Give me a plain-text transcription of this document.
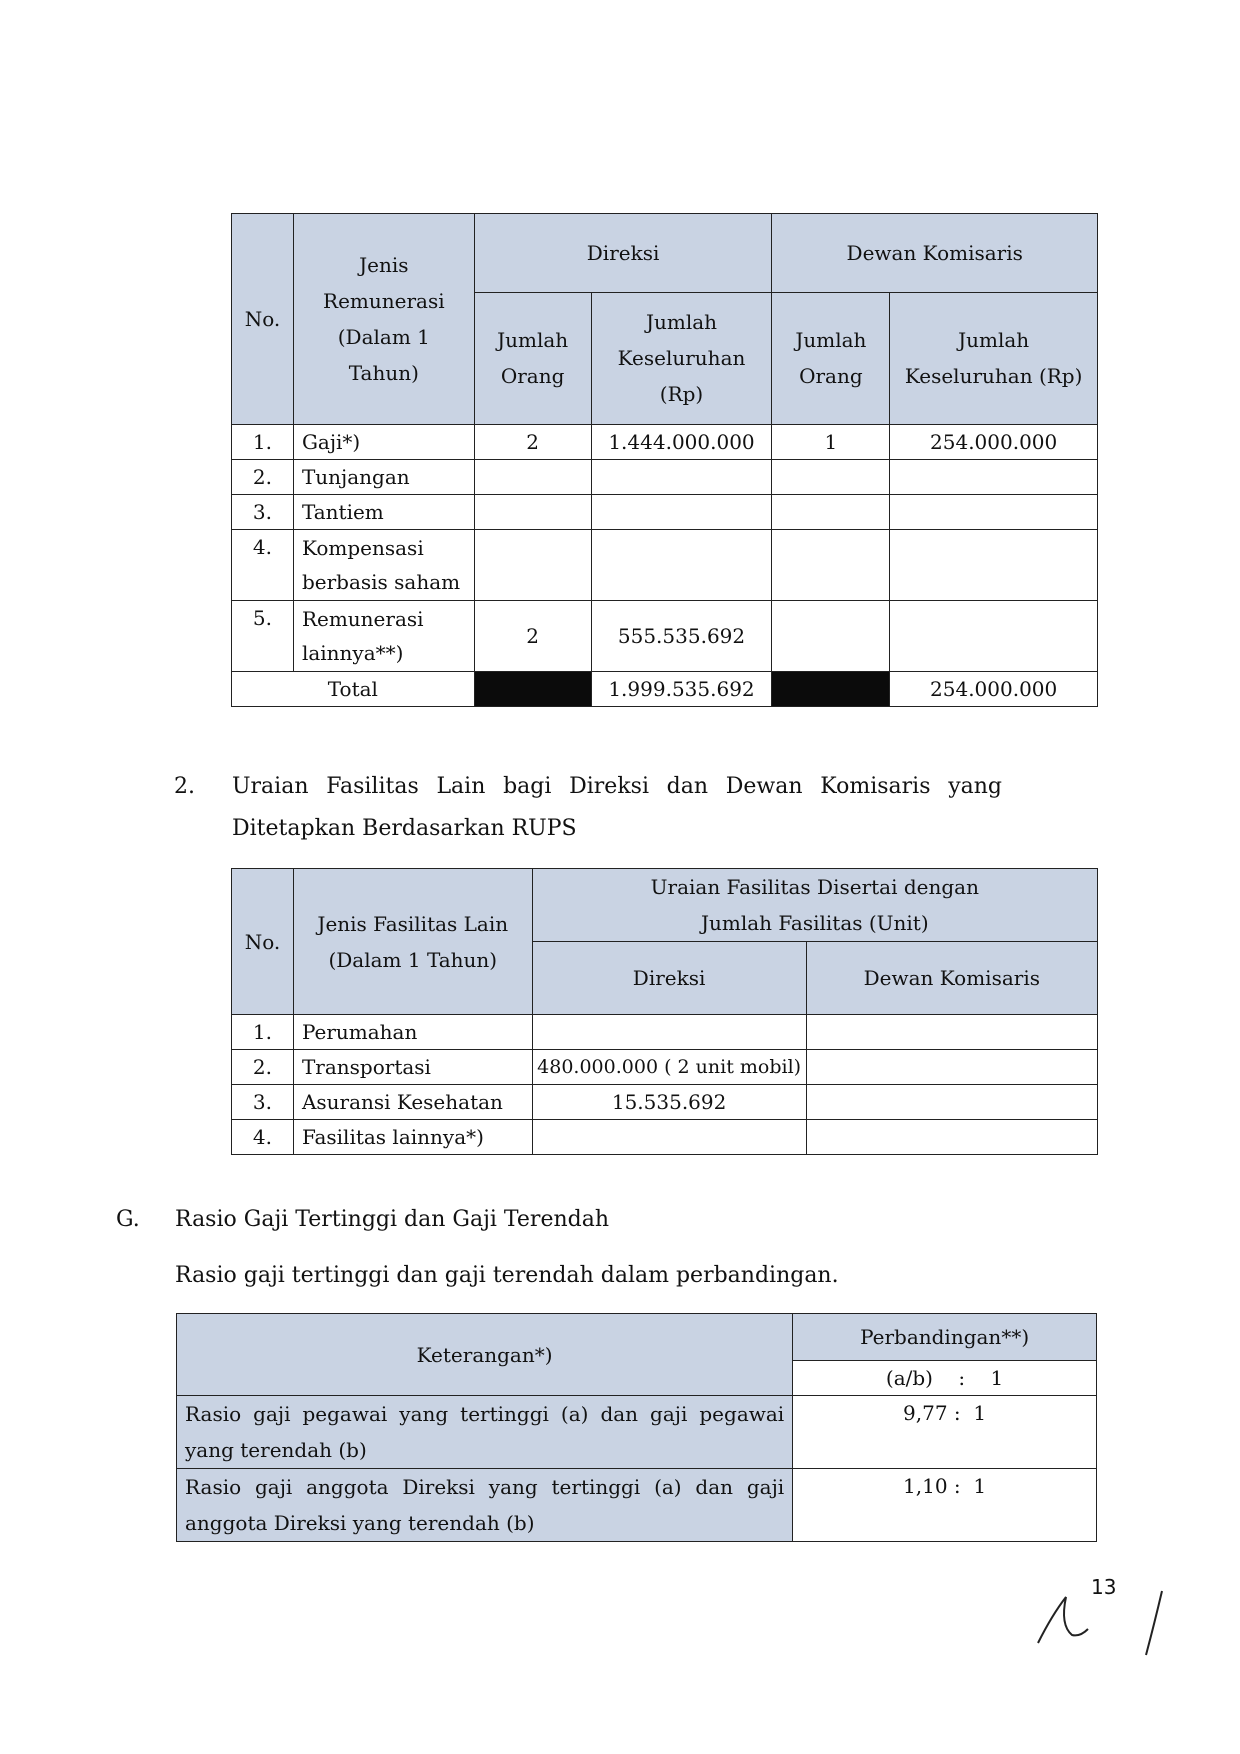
No.	Jenis Remunerasi (Dalam 1 Tahun)	Direksi		Dewan Komisaris	
		Jumlah Orang	Jumlah Keseluruhan (Rp)	Jumlah Orang	Jumlah Keseluruhan (Rp)
1.	Gaji*)	2	1.444.000.000	1	254.000.000
2.	Tunjangan				
3.	Tantiem				
4.	Kompensasi berbasis saham				
5.	Remunerasi lainnya**)	2	555.535.692		
Total			1.999.535.692		254.000.000
2. Uraian Fasilitas Lain bagi Direksi dan Dewan Komisaris yang Ditetapkan Berdasarkan RUPS
No.	Jenis Fasilitas Lain (Dalam 1 Tahun)	Uraian Fasilitas Disertai dengan Jumlah Fasilitas (Unit)	
		Direksi	Dewan Komisaris
1.	Perumahan		
2.	Transportasi	480.000.000 ( 2 unit mobil)	
3.	Asuransi Kesehatan	15.535.692	
4.	Fasilitas lainnya*)		
G. Rasio Gaji Tertinggi dan Gaji Terendah
Rasio gaji tertinggi dan gaji terendah dalam perbandingan.
Keterangan*)	Perbandingan**)
	(a/b)    :    1
Rasio gaji pegawai yang tertinggi (a) dan gaji pegawai yang terendah (b)	9,77 :  1
Rasio gaji anggota Direksi yang tertinggi (a) dan gaji anggota Direksi yang terendah (b)	1,10 :  1
13
